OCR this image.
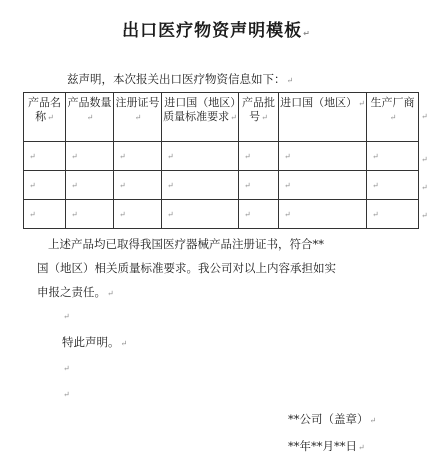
出口医疗物资声明模板↵
兹声明，本次报关出口医疗物资信息如下：↵
产品名称↵	产品数量↵	注册证号↵	进口国（地区）质量标准要求↵	产品批号↵	进口国（地区）↵	生产厂商↵
↵	↵	↵	↵	↵	↵	↵
↵	↵	↵	↵	↵	↵	↵
↵	↵	↵	↵	↵	↵	↵
↵
↵
↵
↵
上述产品均已取得我国医疗器械产品注册证书，符合**
国（地区）相关质量标准要求。我公司对以上内容承担如实
申报之责任。↵
↵
特此声明。↵
↵
↵
**公司（盖章）↵
**年**月**日↵
